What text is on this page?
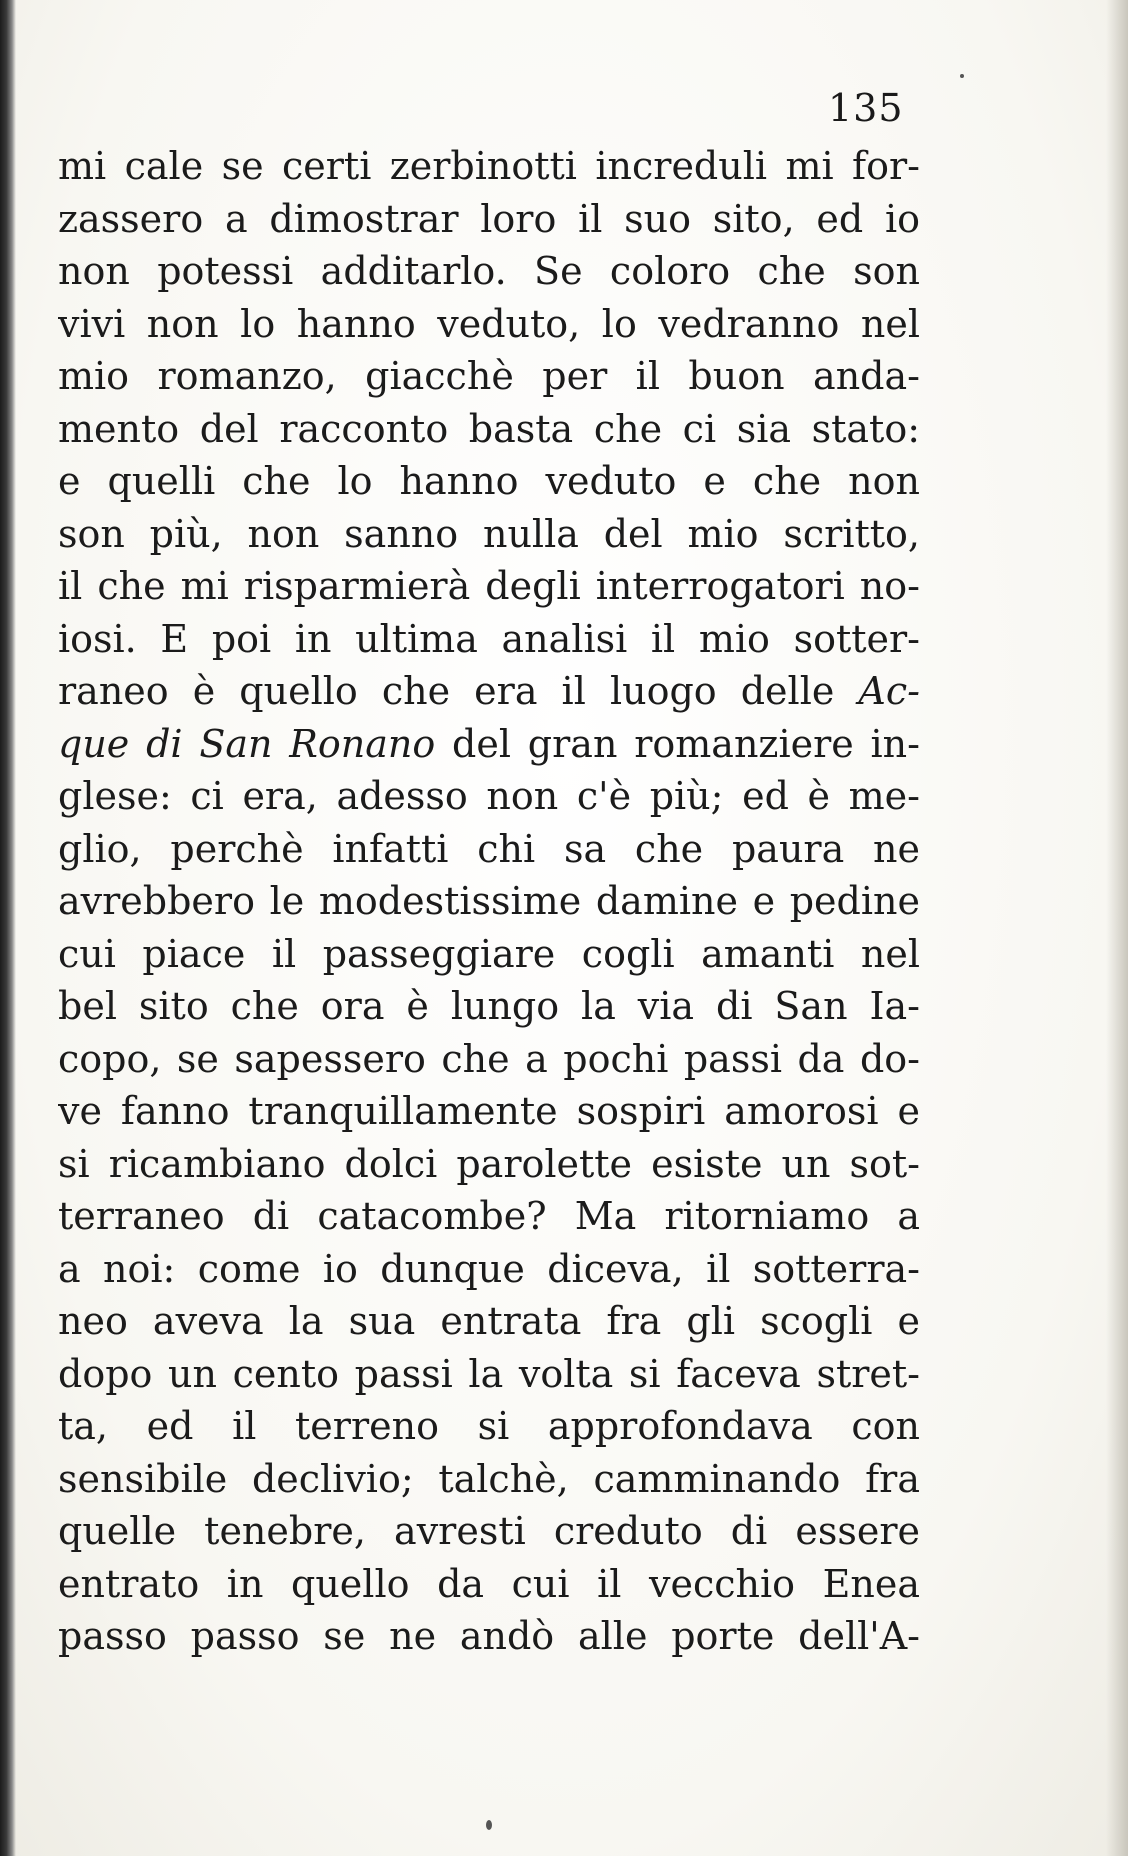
135
mi cale se certi zerbinotti increduli mi for-
zassero a dimostrar loro il suo sito, ed io
non potessi additarlo. Se coloro che son
vivi non lo hanno veduto, lo vedranno nel
mio romanzo, giacchè per il buon anda-
mento del racconto basta che ci sia stato:
e quelli che lo hanno veduto e che non
son più, non sanno nulla del mio scritto,
il che mi risparmierà degli interrogatori no-
iosi. E poi in ultima analisi il mio sotter-
raneo è quello che era il luogo delle Ac-
que di San Ronano del gran romanziere in-
glese: ci era, adesso non c'è più; ed è me-
glio, perchè infatti chi sa che paura ne
avrebbero le modestissime damine e pedine
cui piace il passeggiare cogli amanti nel
bel sito che ora è lungo la via di San Ia-
copo, se sapessero che a pochi passi da do-
ve fanno tranquillamente sospiri amorosi e
si ricambiano dolci parolette esiste un sot-
terraneo di catacombe? Ma ritorniamo a
a noi: come io dunque diceva, il sotterra-
neo aveva la sua entrata fra gli scogli e
dopo un cento passi la volta si faceva stret-
ta, ed il terreno si approfondava con
sensibile declivio; talchè, camminando fra
quelle tenebre, avresti creduto di essere
entrato in quello da cui il vecchio Enea
passo passo se ne andò alle porte dell'A-
